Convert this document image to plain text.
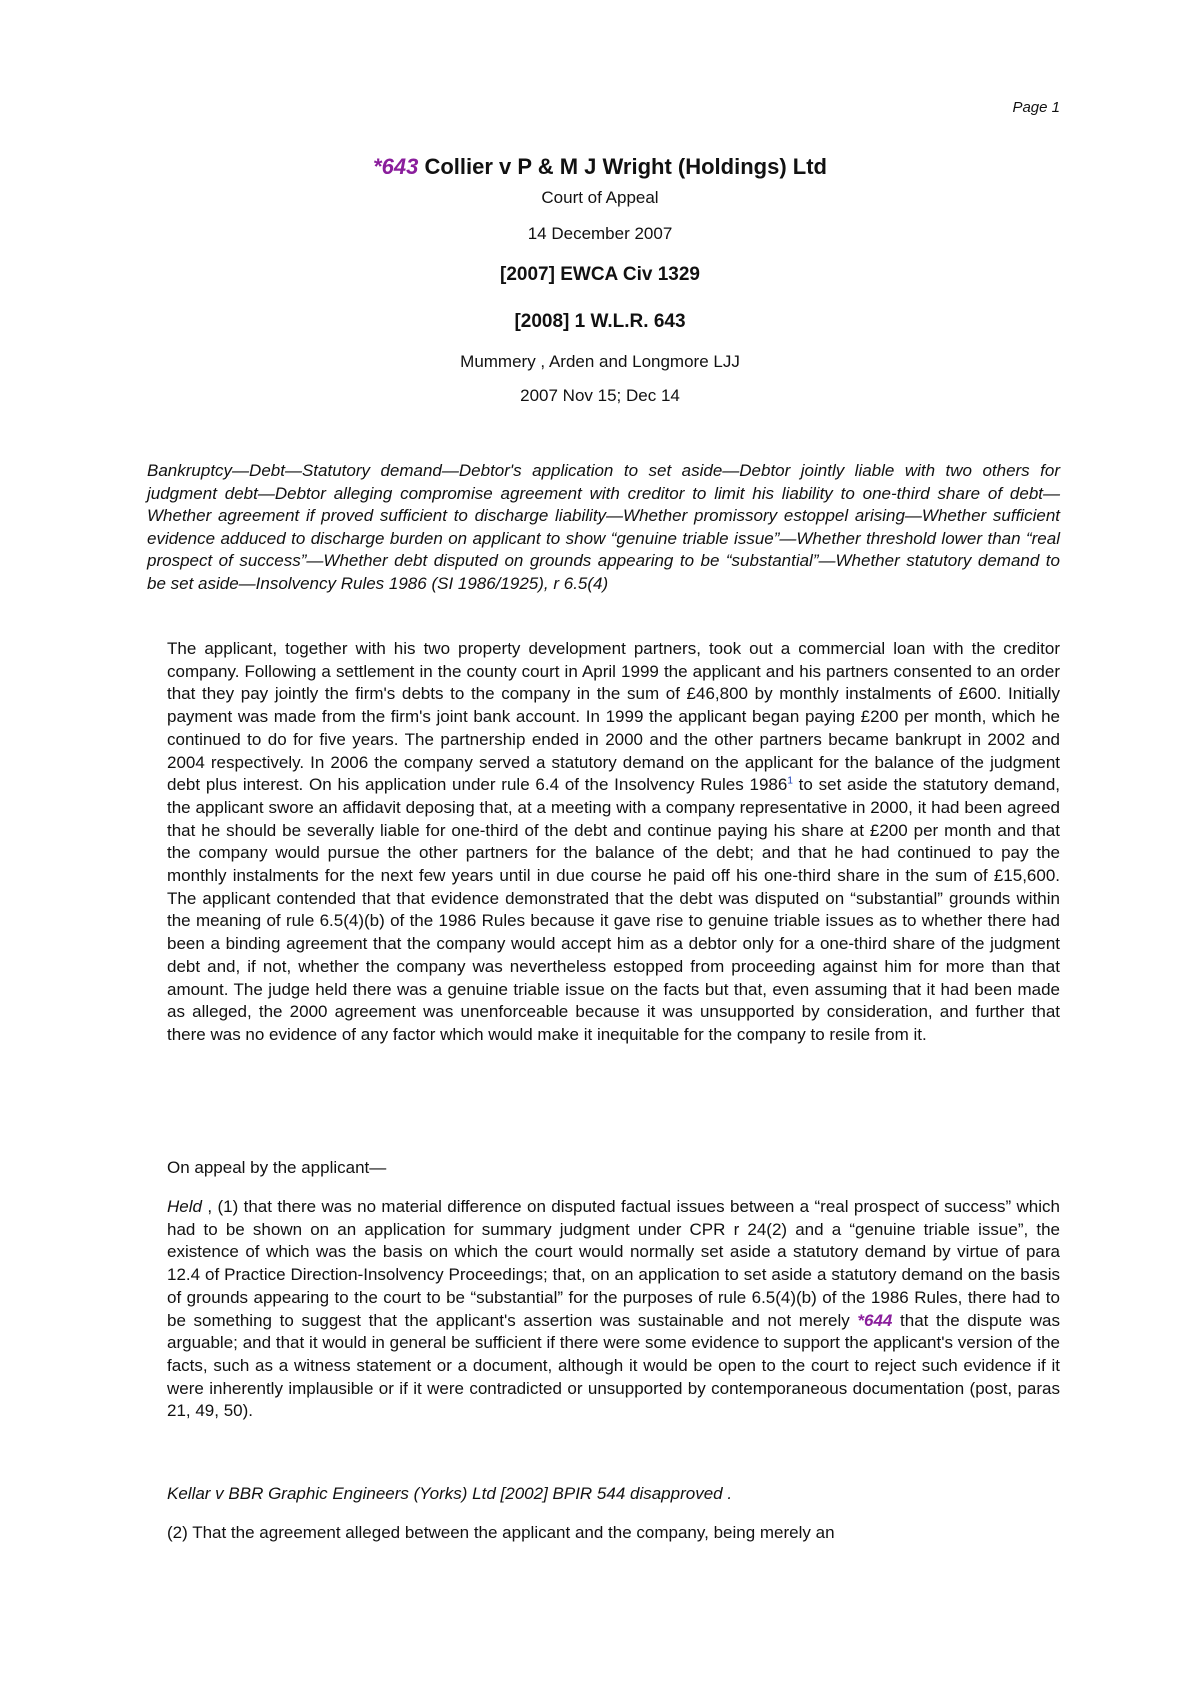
Page 1

*643 Collier v P & M J Wright (Holdings) Ltd

Court of Appeal

14 December 2007

[2007] EWCA Civ 1329

[2008] 1 W.L.R. 643

Mummery , Arden and Longmore LJJ

2007 Nov 15; Dec 14

Bankruptcy—Debt—Statutory demand—Debtor's application to set aside—Debtor jointly liable with two others for judgment debt—Debtor alleging compromise agreement with creditor to limit his liability to one-third share of debt—Whether agreement if proved sufficient to discharge liability—Whether promissory estoppel arising—Whether sufficient evidence adduced to discharge burden on applicant to show “genuine triable issue”—Whether threshold lower than “real prospect of success”—Whether debt disputed on grounds appearing to be “substantial”—Whether statutory demand to be set aside—Insolvency Rules 1986 (SI 1986/1925), r 6.5(4)

The applicant, together with his two property development partners, took out a commercial loan with the creditor company. Following a settlement in the county court in April 1999 the applicant and his partners consented to an order that they pay jointly the firm's debts to the company in the sum of £46,800 by monthly instalments of £600. Initially payment was made from the firm's joint bank account. In 1999 the applicant began paying £200 per month, which he continued to do for five years. The partnership ended in 2000 and the other partners became bankrupt in 2002 and 2004 respectively. In 2006 the company served a statutory demand on the applicant for the balance of the judgment debt plus interest. On his application under rule 6.4 of the Insolvency Rules 1986$^1$ to set aside the statutory demand, the applicant swore an affidavit deposing that, at a meeting with a company representative in 2000, it had been agreed that he should be severally liable for one-third of the debt and continue paying his share at £200 per month and that the company would pursue the other partners for the balance of the debt; and that he had continued to pay the monthly instalments for the next few years until in due course he paid off his one-third share in the sum of £15,600. The applicant contended that that evidence demonstrated that the debt was disputed on “substantial” grounds within the meaning of rule 6.5(4)(b) of the 1986 Rules because it gave rise to genuine triable issues as to whether there had been a binding agreement that the company would accept him as a debtor only for a one-third share of the judgment debt and, if not, whether the company was nevertheless estopped from proceeding against him for more than that amount. The judge held there was a genuine triable issue on the facts but that, even assuming that it had been made as alleged, the 2000 agreement was unenforceable because it was unsupported by consideration, and further that there was no evidence of any factor which would make it inequitable for the company to resile from it.

On appeal by the applicant—

Held , (1) that there was no material difference on disputed factual issues between a “real prospect of success” which had to be shown on an application for summary judgment under CPR r 24(2) and a “genuine triable issue”, the existence of which was the basis on which the court would normally set aside a statutory demand by virtue of para 12.4 of Practice Direction-Insolvency Proceedings; that, on an application to set aside a statutory demand on the basis of grounds appearing to the court to be “substantial” for the purposes of rule 6.5(4)(b) of the 1986 Rules, there had to be something to suggest that the applicant's assertion was sustainable and not merely *644 that the dispute was arguable; and that it would in general be sufficient if there were some evidence to support the applicant's version of the facts, such as a witness statement or a document, although it would be open to the court to reject such evidence if it were inherently implausible or if it were contradicted or unsupported by contemporaneous documentation (post, paras 21, 49, 50).

Kellar v BBR Graphic Engineers (Yorks) Ltd [2002] BPIR 544 disapproved .

(2) That the agreement alleged between the applicant and the company, being merely an
